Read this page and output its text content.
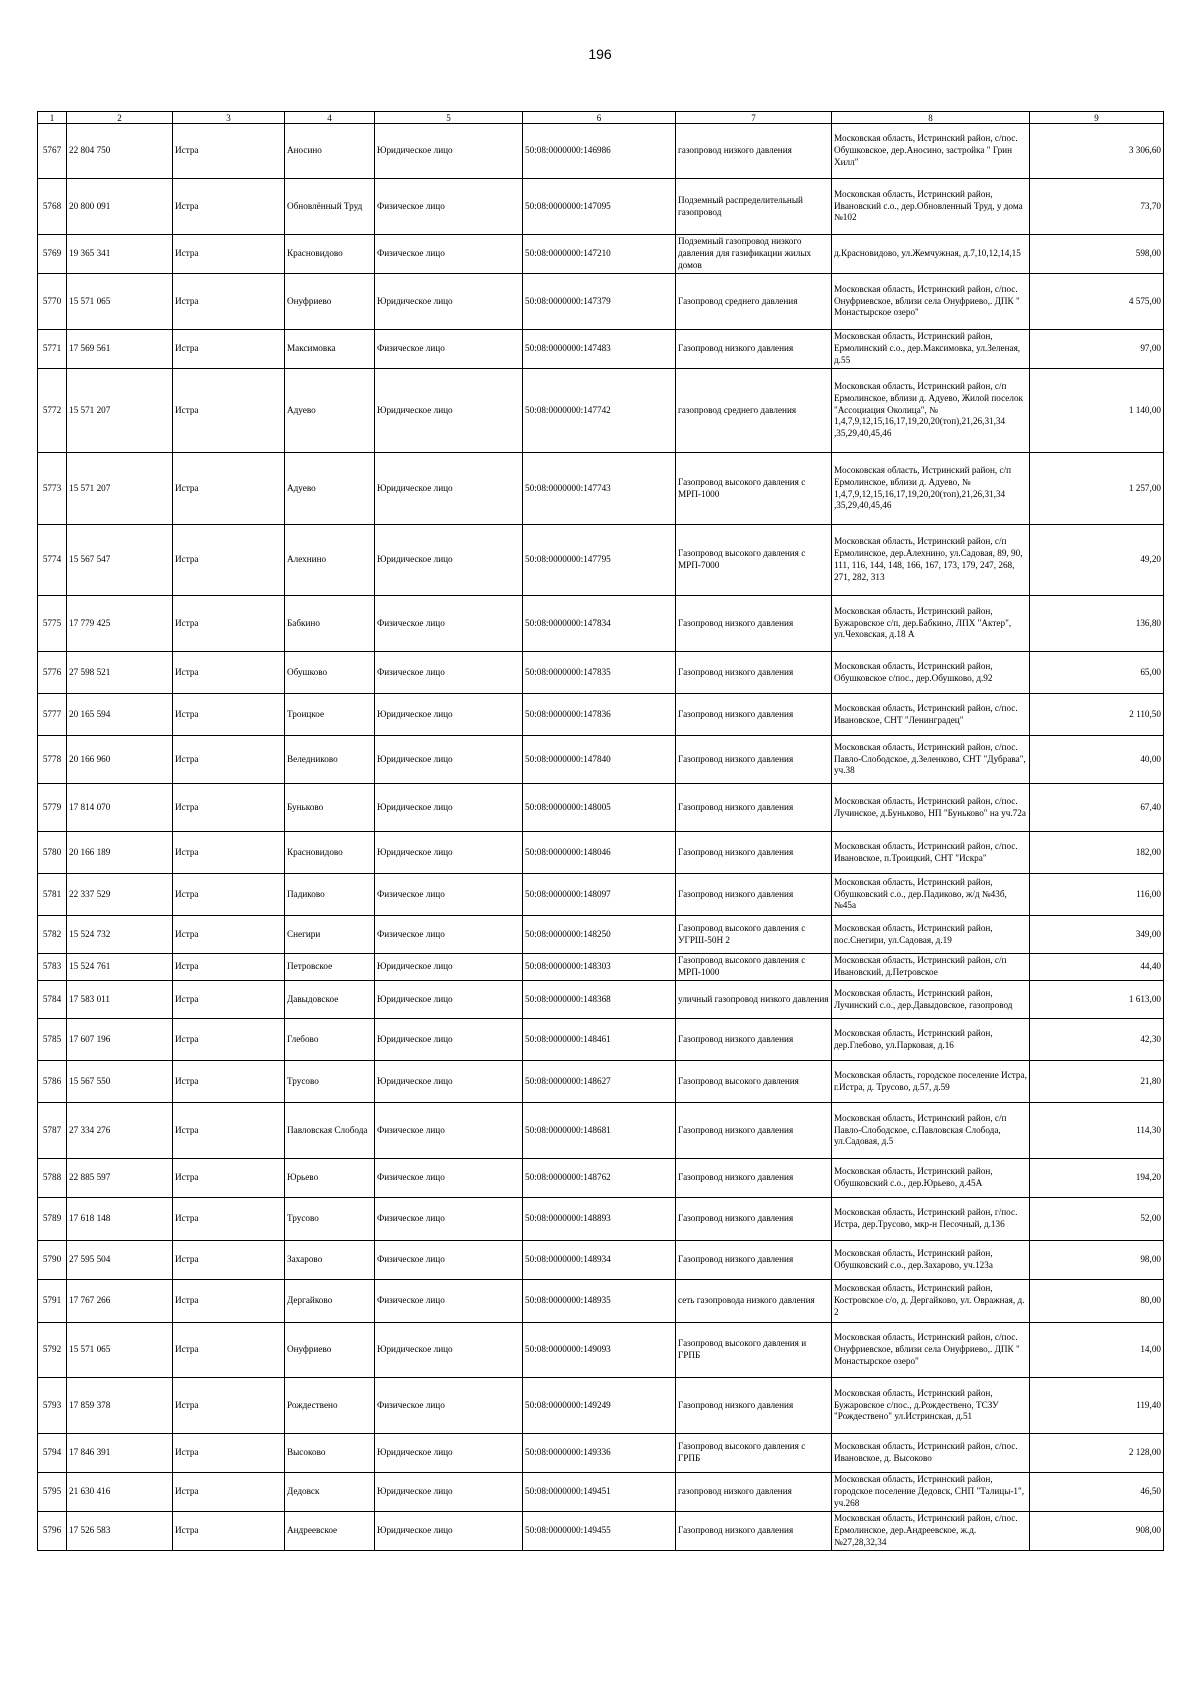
196
1	2	3	4	5	6	7	8	9
5767	22 804 750	Истра	Аносино	Юридическое лицо	50:08:0000000:146986	газопровод низкого давления	Московская область, Истринский район, с/пос. Обушковское, дер.Аносино, застройка " Грин Хилл"	3 306,60
5768	20 800 091	Истра	Обновлённый Труд	Физическое лицо	50:08:0000000:147095	Подземный распределительный газопровод	Московская область, Истринский район, Ивановский с.о., дер.Обновленный Труд, у дома №102	73,70
5769	19 365 341	Истра	Красновидово	Физическое лицо	50:08:0000000:147210	Подземный газопровод низкого давления для газификации жилых домов	д.Красновидово, ул.Жемчужная, д.7,10,12,14,15	598,00
5770	15 571 065	Истра	Онуфриево	Юридическое лицо	50:08:0000000:147379	Газопровод среднего давления	Московская область, Истринский район, с/пос. Онуфриевское, вблизи села Онуфриево,. ДПК " Монастырское озеро"	4 575,00
5771	17 569 561	Истра	Максимовка	Физическое лицо	50:08:0000000:147483	Газопровод низкого давления	Московская область, Истринский район, Ермолинский с.о., дер.Максимовка, ул.Зеленая, д.55	97,00
5772	15 571 207	Истра	Адуево	Юридическое лицо	50:08:0000000:147742	газопровод среднего давления	Московская область, Истринский район, с/п Ермолинское, вблизи д. Адуево, Жилой поселок "Ассоциация Околица", № 1,4,7,9,12,15,16,17,19,20,20(топ),21,26,31,34 ,35,29,40,45,46	1 140,00
5773	15 571 207	Истра	Адуево	Юридическое лицо	50:08:0000000:147743	Газопровод высокого давления с МРП-1000	Мосоковская область, Истринский район, с/п Ермолинское, вблизи д. Адуево, № 1,4,7,9,12,15,16,17,19,20,20(топ),21,26,31,34 ,35,29,40,45,46	1 257,00
5774	15 567 547	Истра	Алехнино	Юридическое лицо	50:08:0000000:147795	Газопровод высокого давления с МРП-7000	Московская область, Истринский район, с/п Ермолинское, дер.Алехнино, ул.Садовая, 89, 90, 111, 116, 144, 148, 166, 167, 173, 179, 247, 268, 271, 282, 313	49,20
5775	17 779 425	Истра	Бабкино	Физическое лицо	50:08:0000000:147834	Газопровод низкого давления	Московская область, Истринский район, Бужаровское с/п, дер.Бабкино, ЛПХ "Актер", ул.Чеховская, д.18 А	136,80
5776	27 598 521	Истра	Обушково	Физическое лицо	50:08:0000000:147835	Газопровод низкого давления	Московская область, Истринский район, Обушковское с/пос., дер.Обушково, д.92	65,00
5777	20 165 594	Истра	Троицкое	Юридическое лицо	50:08:0000000:147836	Газопровод низкого давления	Московская область, Истринский район, с/пос. Ивановское, СНТ "Ленинградец"	2 110,50
5778	20 166 960	Истра	Веледниково	Юридическое лицо	50:08:0000000:147840	Газопровод низкого давления	Московская область, Истринский район, с/пос. Павло-Слободское, д.Зеленково, СНТ "Дубрава", уч.38	40,00
5779	17 814 070	Истра	Буньково	Юридическое лицо	50:08:0000000:148005	Газопровод низкого давления	Московская область, Истринский район, с/пос. Лучинское, д.Буньково, НП "Буньково" на уч.72а	67,40
5780	20 166 189	Истра	Красновидово	Юридическое лицо	50:08:0000000:148046	Газопровод низкого давления	Московская область, Истринский район, с/пос. Ивановское, п.Троицкий, СНТ "Искра"	182,00
5781	22 337 529	Истра	Падиково	Физическое лицо	50:08:0000000:148097	Газопровод низкого давления	Московская область, Истринский район, Обушковский с.о., дер.Падиково, ж/д №43б, №45а	116,00
5782	15 524 732	Истра	Снегири	Физическое лицо	50:08:0000000:148250	Газопровод высокого давления с УГРШ-50Н 2	Московская область, Истринский район, пос.Снегири, ул.Садовая, д.19	349,00
5783	15 524 761	Истра	Петровское	Юридическое лицо	50:08:0000000:148303	Газопровод высокого давления с МРП-1000	Московская область, Истринский район, с/п Ивановский, д.Петровское	44,40
5784	17 583 011	Истра	Давыдовское	Юридическое лицо	50:08:0000000:148368	уличный газопровод низкого давления	Московская область, Истринский район, Лучинский с.о., дер.Давыдовское, газопровод	1 613,00
5785	17 607 196	Истра	Глебово	Юридическое лицо	50:08:0000000:148461	Газопровод низкого давления	Московская область, Истринский район, дер.Глебово, ул.Парковая, д.16	42,30
5786	15 567 550	Истра	Трусово	Юридическое лицо	50:08:0000000:148627	Газопровод высокого давления	Московская область, городское поселение Истра, г.Истра, д. Трусово, д.57, д.59	21,80
5787	27 334 276	Истра	Павловская Слобода	Физическое лицо	50:08:0000000:148681	Газопровод низкого давления	Московская область, Истринский район, с/п Павло-Слободское, с.Павловская Слобода, ул.Садовая, д.5	114,30
5788	22 885 597	Истра	Юрьево	Физическое лицо	50:08:0000000:148762	Газопровод низкого давления	Московская область, Истринский район, Обушковский с.о., дер.Юрьево, д.45А	194,20
5789	17 618 148	Истра	Трусово	Физическое лицо	50:08:0000000:148893	Газопровод низкого давления	Московская область, Истринский район, г/пос. Истра, дер.Трусово, мкр-н Песочный, д.136	52,00
5790	27 595 504	Истра	Захарово	Физическое лицо	50:08:0000000:148934	Газопровод низкого давления	Московская область, Истринский район, Обушковский с.о., дер.Захарово, уч.123а	98,00
5791	17 767 266	Истра	Дергайково	Физическое лицо	50:08:0000000:148935	сеть газопровода низкого давления	Московская область, Истринский район, Костровское с/о, д. Дергайково, ул. Овражная, д. 2	80,00
5792	15 571 065	Истра	Онуфриево	Юридическое лицо	50:08:0000000:149093	Газопровод высокого давления и ГРПБ	Московская область, Истринский район, с/пос. Онуфриевское, вблизи села Онуфриево,. ДПК " Монастырское озеро"	14,00
5793	17 859 378	Истра	Рождествено	Физическое лицо	50:08:0000000:149249	Газопровод низкого давления	Московская область, Истринский район, Бужаровское с/пос., д.Рождествено, ТСЗУ "Рождествено" ул.Истринская, д.51	119,40
5794	17 846 391	Истра	Высоково	Юридическое лицо	50:08:0000000:149336	Газопровод высокого давления с ГРПБ	Московская область, Истринский район, с/пос. Ивановское, д. Высоково	2 128,00
5795	21 630 416	Истра	Дедовск	Юридическое лицо	50:08:0000000:149451	газопровод низкого давления	Московская область, Истринский район, городское поселение Дедовск, СНП "Талицы-1", уч.268	46,50
5796	17 526 583	Истра	Андреевское	Юридическое лицо	50:08:0000000:149455	Газопровод низкого давления	Московская область, Истринский район, с/пос. Ермолинское, дер.Андреевское, ж.д.№27,28,32,34	908,00
